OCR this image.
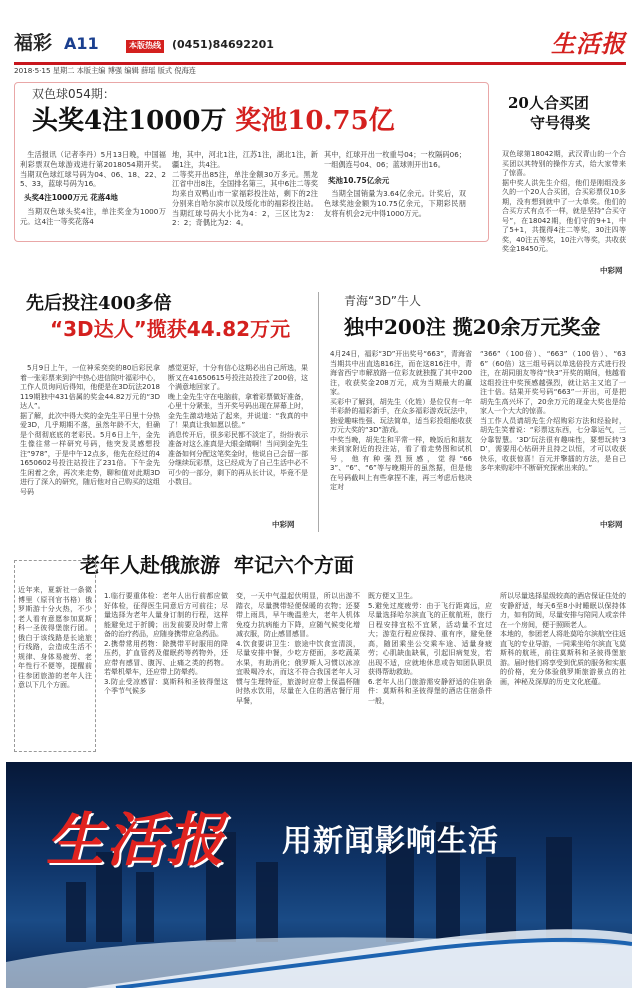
福彩 A11	本版热线 (0451)84692201	生活报
2018·5·15 星期二 本版主编 博强 编辑 薛瑶 版式 倪海连
双色球054期：
头奖4注1000万 奖池10.75亿
生活报讯（记者李丹）5月13日晚，中国福利彩票双色球游戏进行第2018054期开奖。当期双色球红球号码为04、06、18、22、25、33，蓝球号码为16。
头奖4注1000万元 花落4地
当期双色球头奖4注，单注奖金为1000万元。这4注一等奖花落4
地，其中，河北1注，江苏1注，湖北1注，新疆1注，共4注。
二等奖开出85注，单注金额30万多元。黑龙江省中出8注，全国排名第三，其中6注二等奖均来自双鸭山市一家福彩投注站，剩下的2注分别来自哈尔滨市以及绥化市的福彩投注站。当期红球号码大小比为4：2，三区比为2：2：2；奇偶比为2：4。
其中，红球开出一枚重号04；一枚隔码06；一组偶连号04、06；蓝球则开出16。
奖池10.75亿余元
当期全国销量为3.64亿余元。计奖后，双色球奖池金额为10.75亿余元，下期彩民朋友将有机会2元中得1000万元。
20人合买团
守号得奖
双色球第18042期，武汉青山的一个合买团以其特别的操作方式，给大家带来了惊喜。
据中奖人洪先生介绍，他们是刚组没多久的一个20人合买团，合买彩票仅10多期，没有想到就中了一大单奖。他们的合买方式有点不一样，就是坚持“合买守号”，在18042期，他们守的9+1，中了5+1，共揽得4注二等奖，30注四等奖，40注五等奖，10注六等奖，共收获奖金18450元。
中彩网
先后投注400多倍
“3D达人”揽获44.82万元
5月9日上午，一位神采奕奕的80后彩民拿着一张彩票来到沪中热心进信院叶福彩中心，工作人员询问后得知，他便是在3D玩法2018119期独中431倍属的奖金44.82万元的“3D达人”。
据了解，此次中得大奖的金先生平日里十分热爱3D，几乎期期不落，虽然年龄不大，但确是个彻彻底底的老彩民。5月6日上午，金先生像往常一样研究号码，他突发灵感想投注“978”，于是中午12点多，他先在经过的41650602号投注站投注了231倍。下午金先生闲着之余，再次来走势，聊和值对此期3D进行了深入的研究，随后他对自己购买的这组号码
感觉更好，十分有信心这期必出自己所选，果断又在41650615号投注站投注了200倍，这个满意地回家了。
晚上金先生守在电脑前，拿着彩票做好准备，心里十分紧张，当开奖号码出现在屏幕上时，金先生激动地站了起来，并说道：“我真的中了！果真让我如愿以偿。”
消息传开后，很多彩民都不淡定了，纷纷表示准备对这么准真是大眼金睛啊！当问到金先生准备如何分配这笔奖金时，他说自己会留一部分继续玩彩票，这已经成为了自己生活中必不可少的一部分，剩下的再从长计议，毕竟不是小数目。
中彩网
青海“3D”牛人
独中200注 揽20余万元奖金
4月24日，福彩“3D”开出奖号“663”，青海省当期共中出直选816注，而在这816注中，青海省西宁市解放路一位彩友就独揽了其中200注，收获奖金208万元，成为当期最大的赢家。
买彩中了解到，胡先生（化姓）是位仅有一年半彩龄的福彩新手，在众多福彩游戏玩法中，独爱趣味性强、玩法简单，适当彩投组能收获万元大奖的“3D”游戏。
中奖当晚，胡先生和平常一样，晚饭后和朋友来到家附近的投注站，看了看走势图和试机号，他有种强烈预感，觉得“663”、“6”、“6”等与晚期开的虽然据，但是他在号码截叫上有些拿捏不准，再三考虑后他决定对
“366”（100倍）、“663”（100倍）、“636”（60倍）这三组号码以单选倍投方式进行投注，在胡同朋友等待“快3”开奖的期间，他越看这组投注中奖预感越强烈，就让站主又追了一注十倍。结果开奖号码“663”一开出，可是把胡先生高兴坏了，20余万元的现金大奖也是给家人一个大大的惊喜。
当工作人员请胡先生介绍购彩方法和经验时，胡先生笑着说：“彩票这东西，七分靠运气，三分靠智慧。‘3D’玩法很有趣味性，要想玩转‘3D’，需要用心钻研并且持之以恒，才可以收获快乐，收获惊喜！百元并擎擂的方法，是自己多年来购彩中不断研究探索出来的。”
中彩网
老年人赴俄旅游  牢记六个方面
近年来，夏新社一条微博里（原刊官书格）俄罗斯游十分火热，不少老人看有意愿参加莫斯科一圣彼得堡旅行团。俄白于该线路是长途旅行线路，会造成生活不规律、身体易疲劳、老年性行不便等，提醒前往参团旅游的老年人注意以下几个方面。
1.临行要重体检：老年人出行前都应做好体检，征得医生同意后方可前往；尽量选择为老年人量身订制的行程，这样能避免过于折腾；出发前要及时带上常备的治疗药品，应随身携带应急药品。
2.携带常用药物：除携带平时服用的降压药，扩血管药及催眠药等药物外，还应带有感冒、腹泻、止痛之类的药物。若晕机晕车，还应带上防晕药。
3.防止受凉感冒：莫斯科和圣彼得堡这个季节气候多
变，一天中气温起伏明显，所以出游不踏衣，尽量携带轻便保暖的衣物；还要带上雨具，早午晚温差大，老年人机体免疫力抗病能力下降，应随气候变化增减衣服，防止感冒感冒。
4.饮食要讲卫生：旅途中饮食宜清淡，尽量安排中餐，少吃方便面，多吃蔬菜水果，有助消化；俄罗斯人习惯以冰凉宜吸喝冷水，而这不符合我国老年人习惯与生理特征，旅游时应带上保温杯随时热水饮用，尽量在入住的酒店餐厅用早餐，
既方便又卫生。
5.避免过度疲劳：由于飞行距离远，应尽量选择哈尔滨直飞的正航航班，旅行日程安排宜松不宜紧，活动量不宜过大；游览行程应保持、重有序，避免登高，随团乘坐公交乘车途、适量身疲劳；心肌缺血缺氧，引起旧病复发，若出现不适，应就地休息或告知团队职员获得帮助救助。
6.老年人出门旅游需安静舒适的住宿条件：莫斯科和圣彼得堡的酒店住宿条件一般，
所以尽量选择星级较高的酒店保证住处的安静舒适，每天6至8小时睡眠以保持体力，如有防间，尽量安排与陪同人或亲伴在一个房间，便于照顾老人。
本地的，参团老人将赴莫哈尔滨航空往返直飞的专业导游，一同乘坐哈尔滨直飞莫斯科的航班，前往莫斯科和圣彼得堡旅游。届时他们将享受到优质的服务和实惠的价格，充分体验俄罗斯旅游景点的社画，神秘及深厚的历史文化底蕴。
生活报 用新闻影响生活
